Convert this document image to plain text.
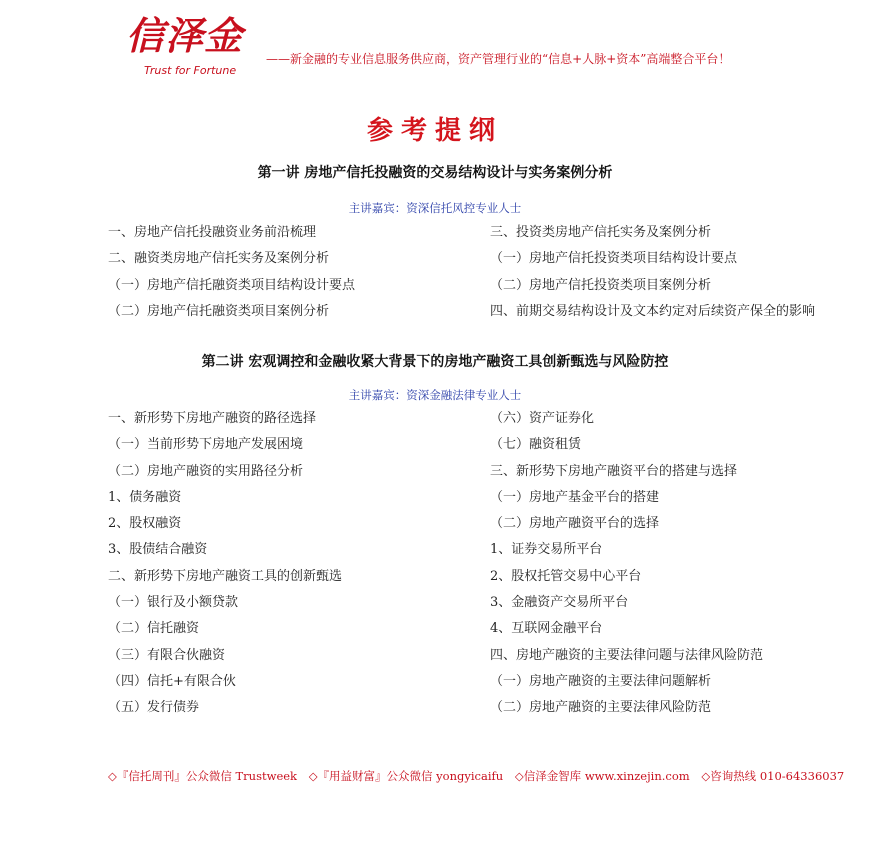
信泽金
Trust for Fortune
——新金融的专业信息服务供应商，资产管理行业的“信息+人脉+资本”高端整合平台！
参考提纲
第一讲 房地产信托投融资的交易结构设计与实务案例分析
主讲嘉宾：资深信托风控专业人士
一、房地产信托投融资业务前沿梳理
二、融资类房地产信托实务及案例分析
（一）房地产信托融资类项目结构设计要点
（二）房地产信托融资类项目案例分析
三、投资类房地产信托实务及案例分析
（一）房地产信托投资类项目结构设计要点
（二）房地产信托投资类项目案例分析
四、前期交易结构设计及文本约定对后续资产保全的影响
第二讲 宏观调控和金融收紧大背景下的房地产融资工具创新甄选与风险防控
主讲嘉宾：资深金融法律专业人士
一、新形势下房地产融资的路径选择
（一）当前形势下房地产发展困境
（二）房地产融资的实用路径分析
1、债务融资
2、股权融资
3、股债结合融资
二、新形势下房地产融资工具的创新甄选
（一）银行及小额贷款
（二）信托融资
（三）有限合伙融资
（四）信托+有限合伙
（五）发行债券
（六）资产证券化
（七）融资租赁
三、新形势下房地产融资平台的搭建与选择
（一）房地产基金平台的搭建
（二）房地产融资平台的选择
1、证券交易所平台
2、股权托管交易中心平台
3、金融资产交易所平台
4、互联网金融平台
四、房地产融资的主要法律问题与法律风险防范
（一）房地产融资的主要法律问题解析
（二）房地产融资的主要法律风险防范
◇『信托周刊』公众微信 Trustweek ◇『用益财富』公众微信 yongyicaifu ◇信泽金智库 www.xinzejin.com ◇咨询热线 010-64336037
